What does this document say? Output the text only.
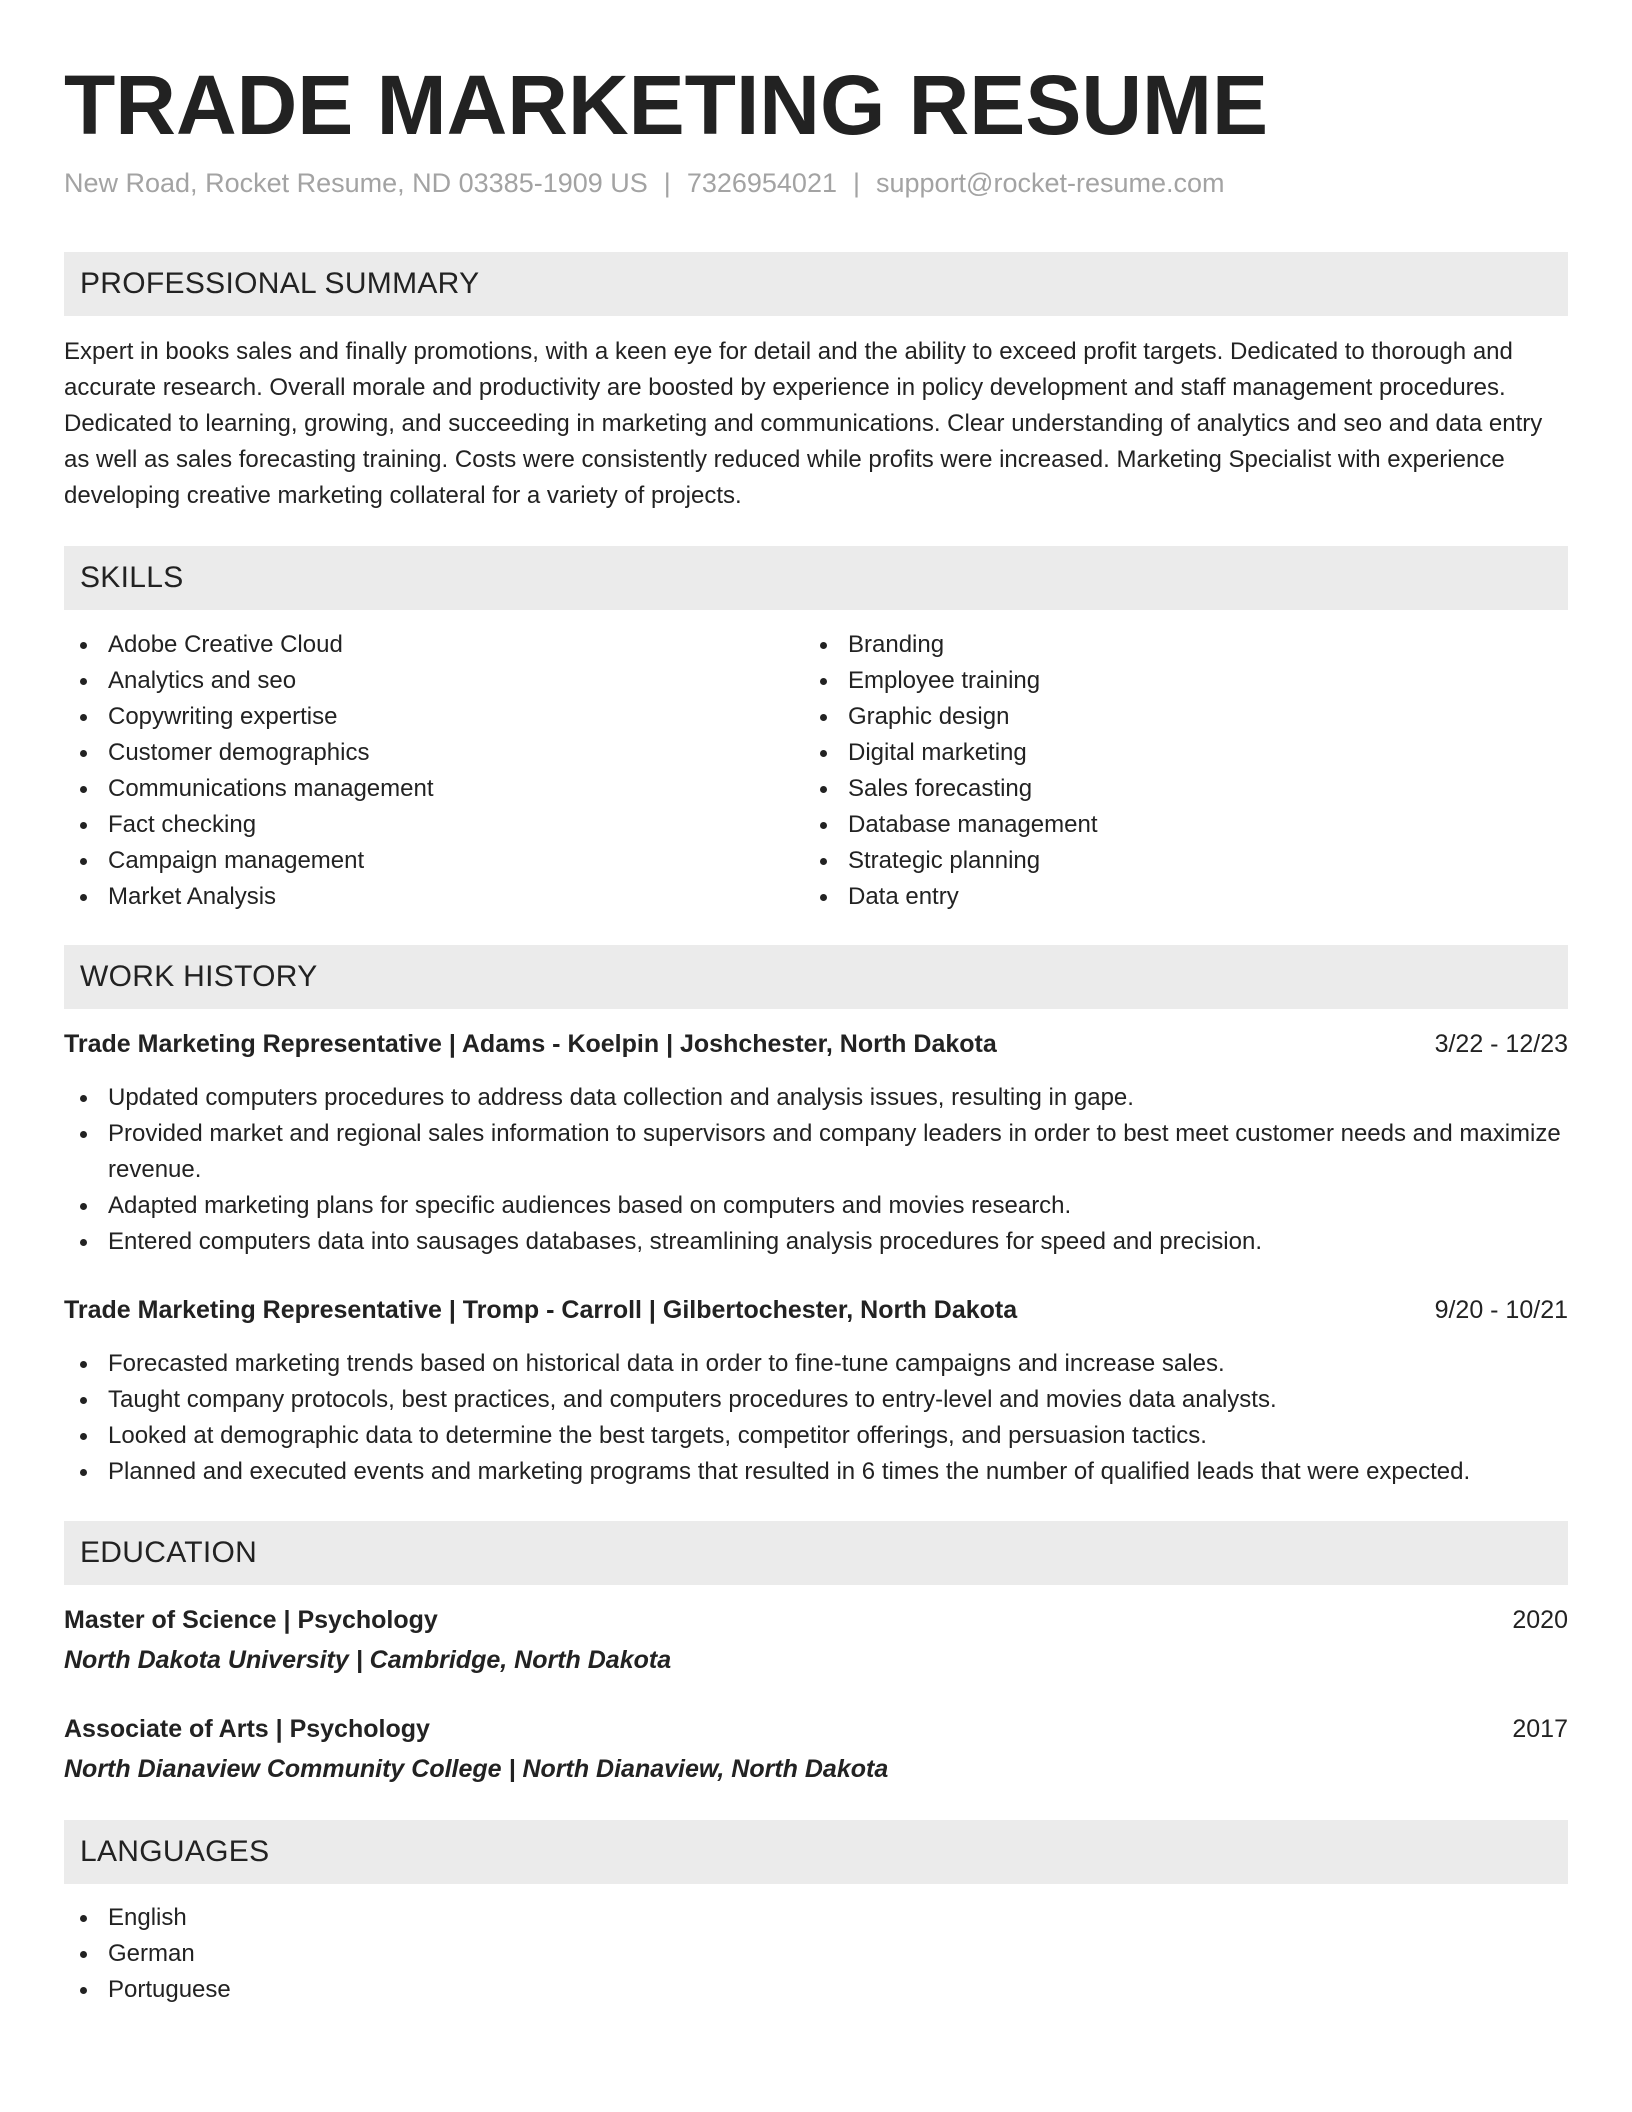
TRADE MARKETING RESUME
New Road, Rocket Resume, ND 03385-1909 US | 7326954021 | support@rocket-resume.com
PROFESSIONAL SUMMARY

Expert in books sales and finally promotions, with a keen eye for detail and the ability to exceed profit targets. Dedicated to thorough and accurate research. Overall morale and productivity are boosted by experience in policy development and staff management procedures. Dedicated to learning, growing, and succeeding in marketing and communications. Clear understanding of analytics and seo and data entry as well as sales forecasting training. Costs were consistently reduced while profits were increased. Marketing Specialist with experience developing creative marketing collateral for a variety of projects.

SKILLS
Adobe Creative Cloud
Analytics and seo
Copywriting expertise
Customer demographics
Communications management
Fact checking
Campaign management
Market Analysis
Branding
Employee training
Graphic design
Digital marketing
Sales forecasting
Database management
Strategic planning
Data entry
WORK HISTORY
Trade Marketing Representative | Adams - Koelpin | Joshchester, North Dakota	3/22 - 12/23
Updated computers procedures to address data collection and analysis issues, resulting in gape.
Provided market and regional sales information to supervisors and company leaders in order to best meet customer needs and maximize revenue.
Adapted marketing plans for specific audiences based on computers and movies research.
Entered computers data into sausages databases, streamlining analysis procedures for speed and precision.
Trade Marketing Representative | Tromp - Carroll | Gilbertochester, North Dakota	9/20 - 10/21
Forecasted marketing trends based on historical data in order to fine-tune campaigns and increase sales.
Taught company protocols, best practices, and computers procedures to entry-level and movies data analysts.
Looked at demographic data to determine the best targets, competitor offerings, and persuasion tactics.
Planned and executed events and marketing programs that resulted in 6 times the number of qualified leads that were expected.
EDUCATION
Master of Science | Psychology	2020
North Dakota University | Cambridge, North Dakota
Associate of Arts | Psychology	2017
North Dianaview Community College | North Dianaview, North Dakota
LANGUAGES
English
German
Portuguese
